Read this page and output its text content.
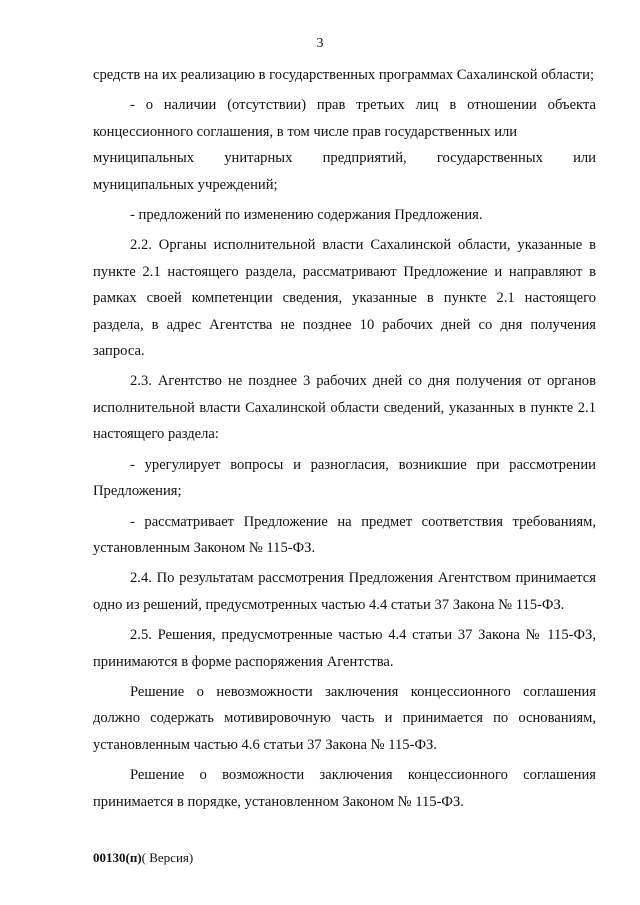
3

средств на их реализацию в государственных программах Сахалинской области;

- о наличии (отсутствии) прав третьих лиц в отношении объекта концессионного соглашения, в том числе прав государственных или

муниципальных унитарных предприятий, государственных или

муниципальных учреждений;

- предложений по изменению содержания Предложения.

2.2. Органы исполнительной власти Сахалинской области, указанные в пункте 2.1 настоящего раздела, рассматривают Предложение и направляют в рамках своей компетенции сведения, указанные в пункте 2.1 настоящего раздела, в адрес Агентства не позднее 10 рабочих дней со дня получения запроса.

2.3. Агентство не позднее 3 рабочих дней со дня получения от органов исполнительной власти Сахалинской области сведений, указанных в пункте 2.1 настоящего раздела:

- урегулирует вопросы и разногласия, возникшие при рассмотрении Предложения;

- рассматривает Предложение на предмет соответствия требованиям, установленным Законом № 115-ФЗ.

2.4. По результатам рассмотрения Предложения Агентством принимается одно из решений, предусмотренных частью 4.4 статьи 37 Закона № 115-ФЗ.

2.5. Решения, предусмотренные частью 4.4 статьи 37 Закона № 115-ФЗ, принимаются в форме распоряжения Агентства.

Решение о невозможности заключения концессионного соглашения должно содержать мотивировочную часть и принимается по основаниям, установленным частью 4.6 статьи 37 Закона № 115-ФЗ.

Решение о возможности заключения концессионного соглашения принимается в порядке, установленном Законом № 115-ФЗ.

00130(п)( Версия)
